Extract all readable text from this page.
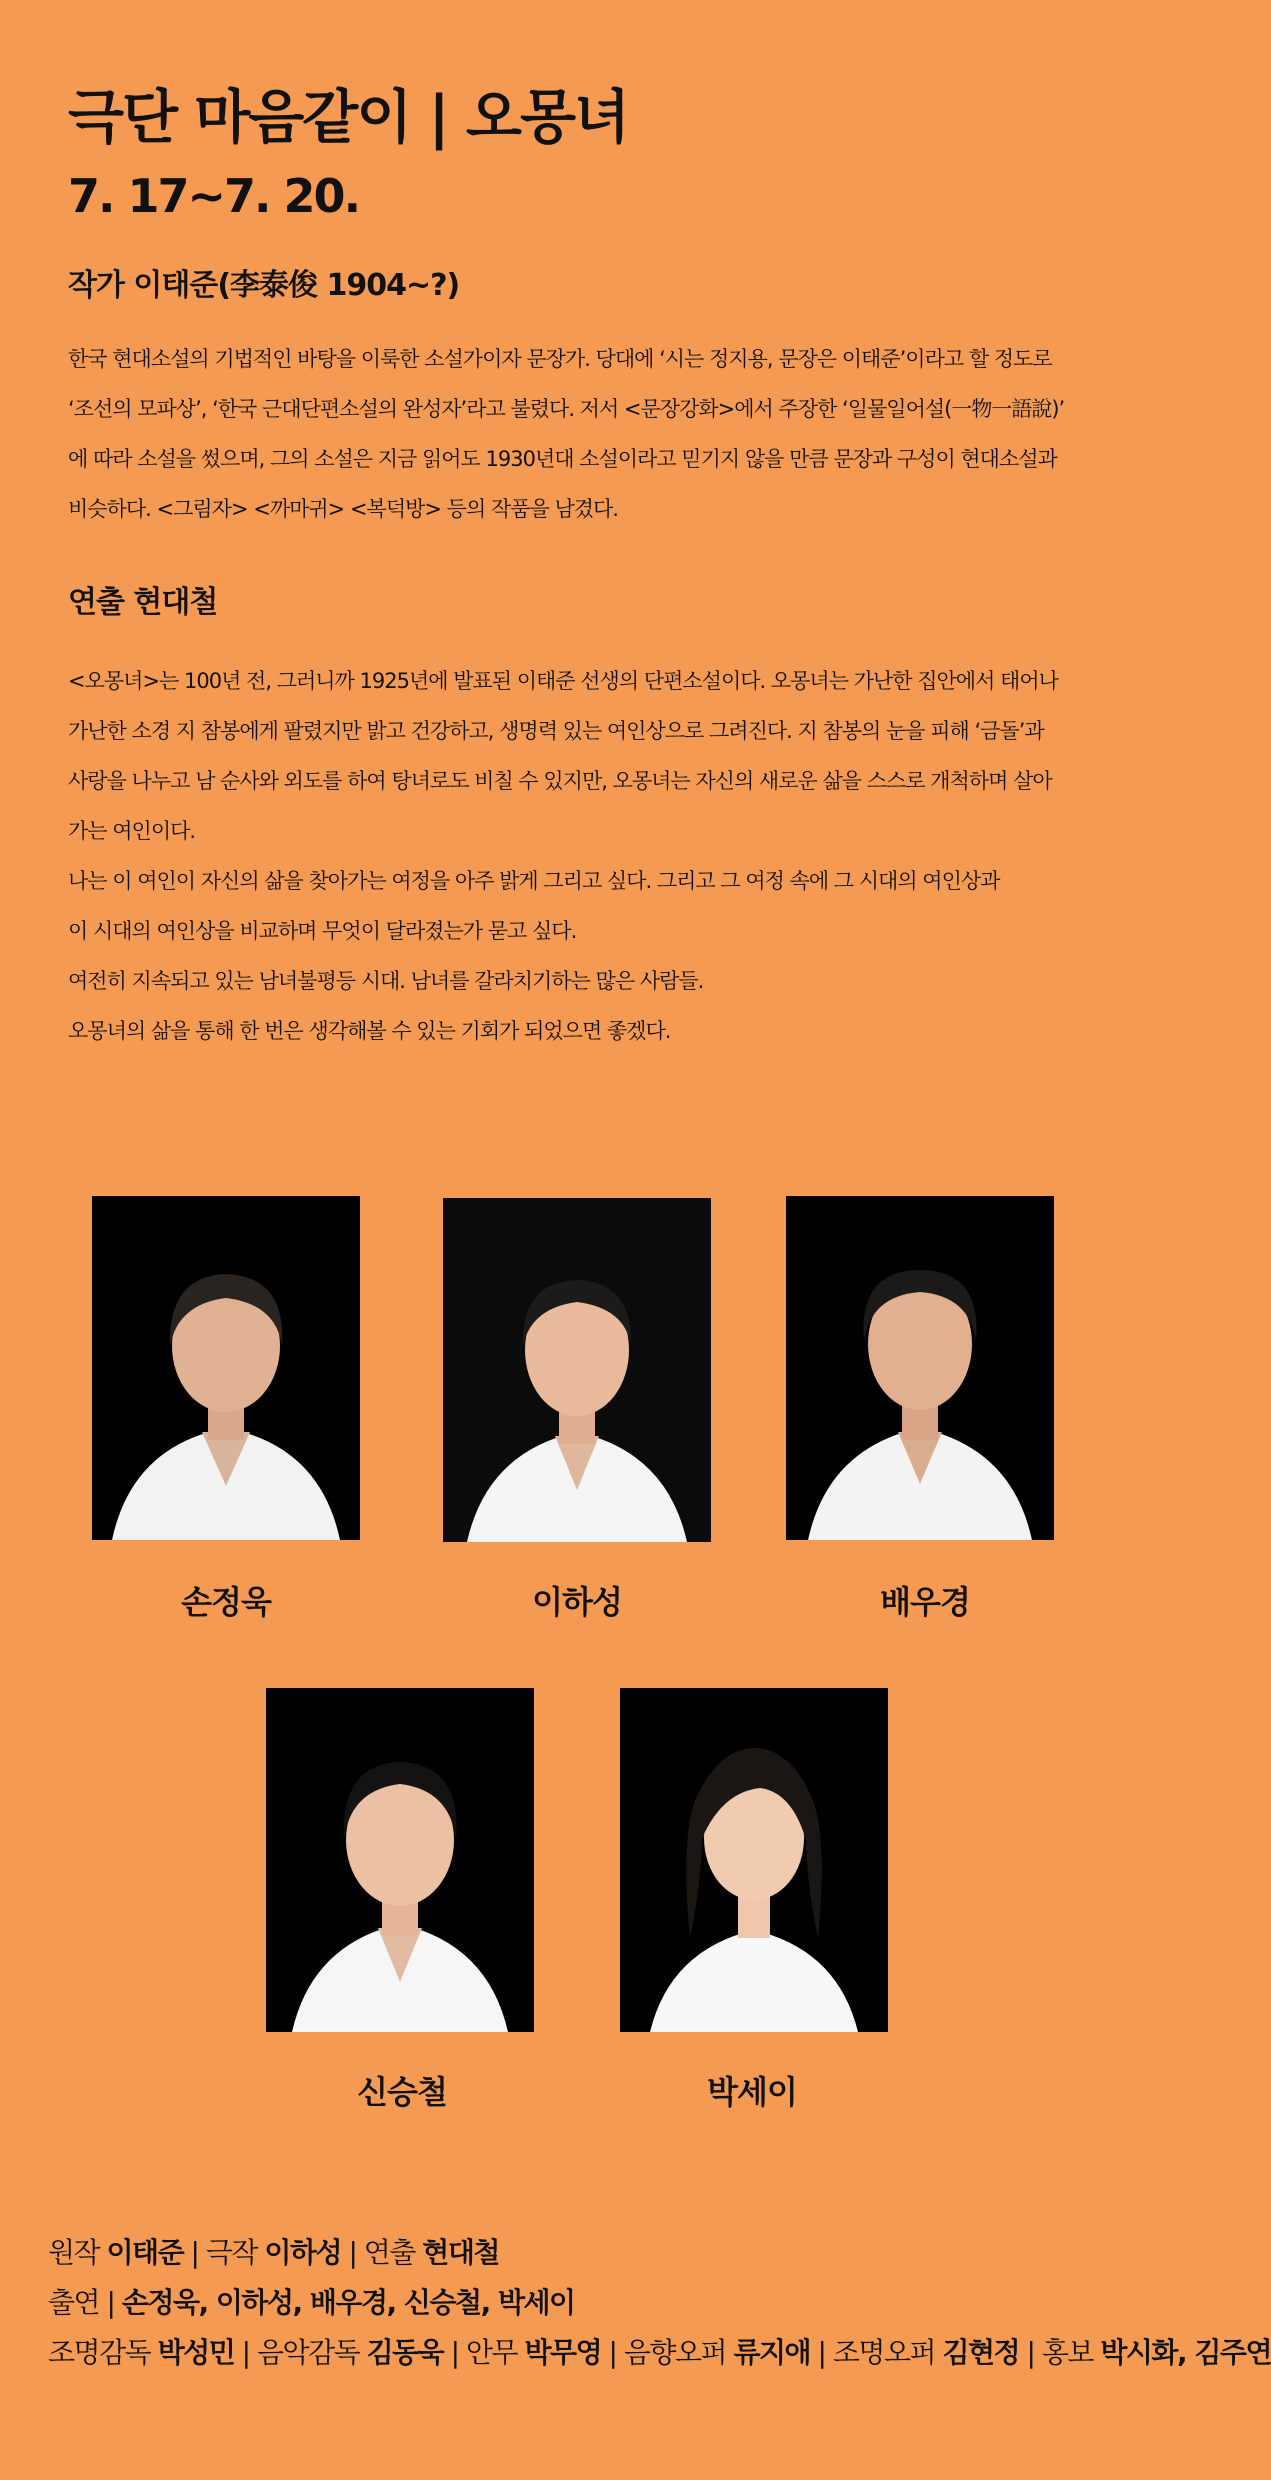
극단 마음같이 | 오몽녀
7. 17~7. 20.
작가 이태준(李泰俊 1904~?)

한국 현대소설의 기법적인 바탕을 이룩한 소설가이자 문장가. 당대에 ‘시는 정지용, 문장은 이태준’이라고 할 정도로

‘조선의 모파상’, ‘한국 근대단편소설의 완성자’라고 불렸다. 저서 <문장강화>에서 주장한 ‘일물일어설(一物一語說)’

에 따라 소설을 썼으며, 그의 소설은 지금 읽어도 1930년대 소설이라고 믿기지 않을 만큼 문장과 구성이 현대소설과

비슷하다. <그림자> <까마귀> <복덕방> 등의 작품을 남겼다.

연출 현대철

<오몽녀>는 100년 전, 그러니까 1925년에 발표된 이태준 선생의 단편소설이다. 오몽녀는 가난한 집안에서 태어나

가난한 소경 지 참봉에게 팔렸지만 밝고 건강하고, 생명력 있는 여인상으로 그려진다. 지 참봉의 눈을 피해 ‘금돌’과

사랑을 나누고 남 순사와 외도를 하여 탕녀로도 비칠 수 있지만, 오몽녀는 자신의 새로운 삶을 스스로 개척하며 살아

가는 여인이다.

나는 이 여인이 자신의 삶을 찾아가는 여정을 아주 밝게 그리고 싶다. 그리고 그 여정 속에 그 시대의 여인상과

이 시대의 여인상을 비교하며 무엇이 달라졌는가 묻고 싶다.

여전히 지속되고 있는 남녀불평등 시대. 남녀를 갈라치기하는 많은 사람들.

오몽녀의 삶을 통해 한 번은 생각해볼 수 있는 기회가 되었으면 좋겠다.

손정욱	이하성	배우경
신승철	박세이

원작 이태준 | 극작 이하성 | 연출 현대철

출연 | 손정욱, 이하성, 배우경, 신승철, 박세이

조명감독 박성민 | 음악감독 김동욱 | 안무 박무영 | 음향오퍼 류지애 | 조명오퍼 김현정 | 홍보 박시화, 김주연
